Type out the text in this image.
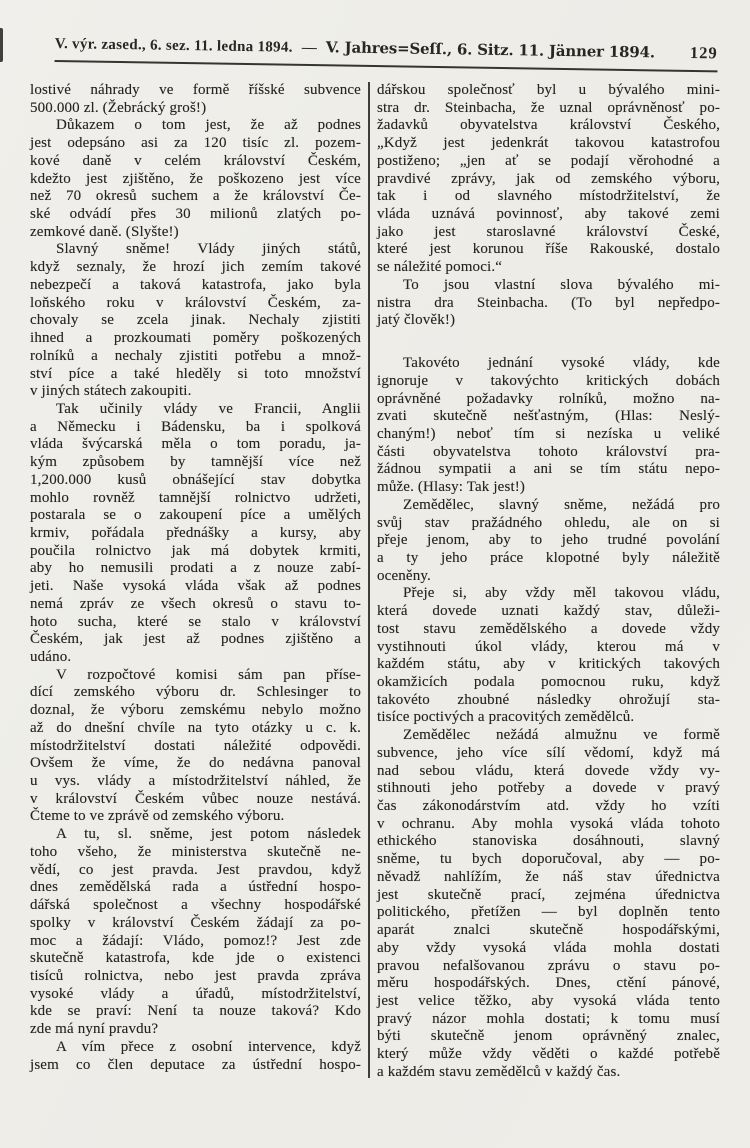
V. výr. zased., 6. sez. 11. ledna 1894. — V. Jahres=Seſſ., 6. Sitz. 11. Jänner 1894. 129
lostivé náhrady ve formě říšské subvence
500.000 zl. (Žebrácký groš!)
Důkazem o tom jest, že až podnes
jest odepsáno asi za 120 tisíc zl. pozem-
kové daně v celém království Českém,
kdežto jest zjištěno, že poškozeno jest více
než 70 okresů suchem a že království Če-
ské odvádí přes 30 milionů zlatých po-
zemkové daně. (Slyšte!)
Slavný sněme! Vlády jiných států,
když seznaly, že hrozí jich zemím takové
nebezpečí a taková katastrofa, jako byla
loňského roku v království Českém, za-
chovaly se zcela jinak. Nechaly zjistiti
ihned a prozkoumati poměry poškozených
rolníků a nechaly zjistiti potřebu a množ-
ství píce a také hleděly si toto množství
v jiných státech zakoupiti.
Tak učinily vlády ve Francii, Anglii
a Německu i Bádensku, ba i spolková
vláda švýcarská měla o tom poradu, ja-
kým způsobem by tamnější více než
1,200.000 kusů obnášející stav dobytka
mohlo rovněž tamnější rolnictvo udržeti,
postarala se o zakoupení píce a umělých
krmiv, pořádala přednášky a kursy, aby
poučila rolnictvo jak má dobytek krmiti,
aby ho nemusili prodati a z nouze zabí-
jeti. Naše vysoká vláda však až podnes
nemá zpráv ze všech okresů o stavu to-
hoto sucha, které se stalo v království
Českém, jak jest až podnes zjištěno a
udáno.
V rozpočtové komisi sám pan příse-
dící zemského výboru dr. Schlesinger to
doznal, že výboru zemskému nebylo možno
až do dnešní chvíle na tyto otázky u c. k.
místodržitelství dostati náležité odpovědi.
Ovšem že víme, že do nedávna panoval
u vys. vlády a místodržitelství náhled, že
v království Českém vůbec nouze nestává.
Čteme to ve zprávě od zemského výboru.
A tu, sl. sněme, jest potom následek
toho všeho, že ministerstva skutečně ne-
vědí, co jest pravda. Jest pravdou, když
dnes zemědělská rada a ústřední hospo-
dářská společnost a všechny hospodářské
spolky v království Českém žádají za po-
moc a žádají: Vládo, pomoz!? Jest zde
skutečně katastrofa, kde jde o existenci
tisíců rolnictva, nebo jest pravda zpráva
vysoké vlády a úřadů, místodržitelství,
kde se praví: Není ta nouze taková? Kdo
zde má nyní pravdu?
A vím přece z osobní intervence, když
jsem co člen deputace za ústřední hospo-
dářskou společnosť byl u bývalého mini-
stra dr. Steinbacha, že uznal oprávněnosť po-
žadavků obyvatelstva království Českého,
„Když jest jedenkrát takovou katastrofou
postiženo; „jen ať se podají věrohodné a
pravdivé zprávy, jak od zemského výboru,
tak i od slavného místodržitelství, že
vláda uznává povinnosť, aby takové zemi
jako jest staroslavné království České,
které jest korunou říše Rakouské, dostalo
se náležité pomoci.“
To jsou vlastní slova bývalého mi-
nistra dra Steinbacha. (To byl nepředpo-
jatý člověk!)
Takovéto jednání vysoké vlády, kde
ignoruje v takovýchto kritických dobách
oprávněné požadavky rolníků, možno na-
zvati skutečně nešťastným, (Hlas: Neslý-
chaným!) neboť tím si nezíska u veliké
části obyvatelstva tohoto království pra-
žádnou sympatii a ani se tím státu nepo-
může. (Hlasy: Tak jest!)
Zemědělec, slavný sněme, nežádá pro
svůj stav pražádného ohledu, ale on si
přeje jenom, aby to jeho trudné povolání
a ty jeho práce klopotné byly náležitě
oceněny.
Přeje si, aby vždy měl takovou vládu,
která dovede uznati každý stav, důleži-
tost stavu zemědělského a dovede vždy
vystihnouti úkol vlády, kterou má v
každém státu, aby v kritických takových
okamžicích podala pomocnou ruku, když
takovéto zhoubné následky ohrožují sta-
tisíce poctivých a pracovitých zemědělců.
Zemědělec nežádá almužnu ve formě
subvence, jeho více sílí vědomí, když má
nad sebou vládu, která dovede vždy vy-
stihnouti jeho potřeby a dovede v pravý
čas zákonodárstvím atd. vždy ho vzíti
v ochranu. Aby mohla vysoká vláda tohoto
ethického stanoviska dosáhnouti, slavný
sněme, tu bych doporučoval, aby — po-
něvadž nahlížím, že náš stav úřednictva
jest skutečně prací, zejména úřednictva
politického, přetížen — byl doplněn tento
aparát znalci skutečně hospodářskými,
aby vždy vysoká vláda mohla dostati
pravou nefalšovanou zprávu o stavu po-
měru hospodářských. Dnes, ctění pánové,
jest velice těžko, aby vysoká vláda tento
pravý názor mohla dostati; k tomu musí
býti skutečně jenom oprávněný znalec,
který může vždy věděti o každé potřebě
a každém stavu zemědělců v každý čas.
